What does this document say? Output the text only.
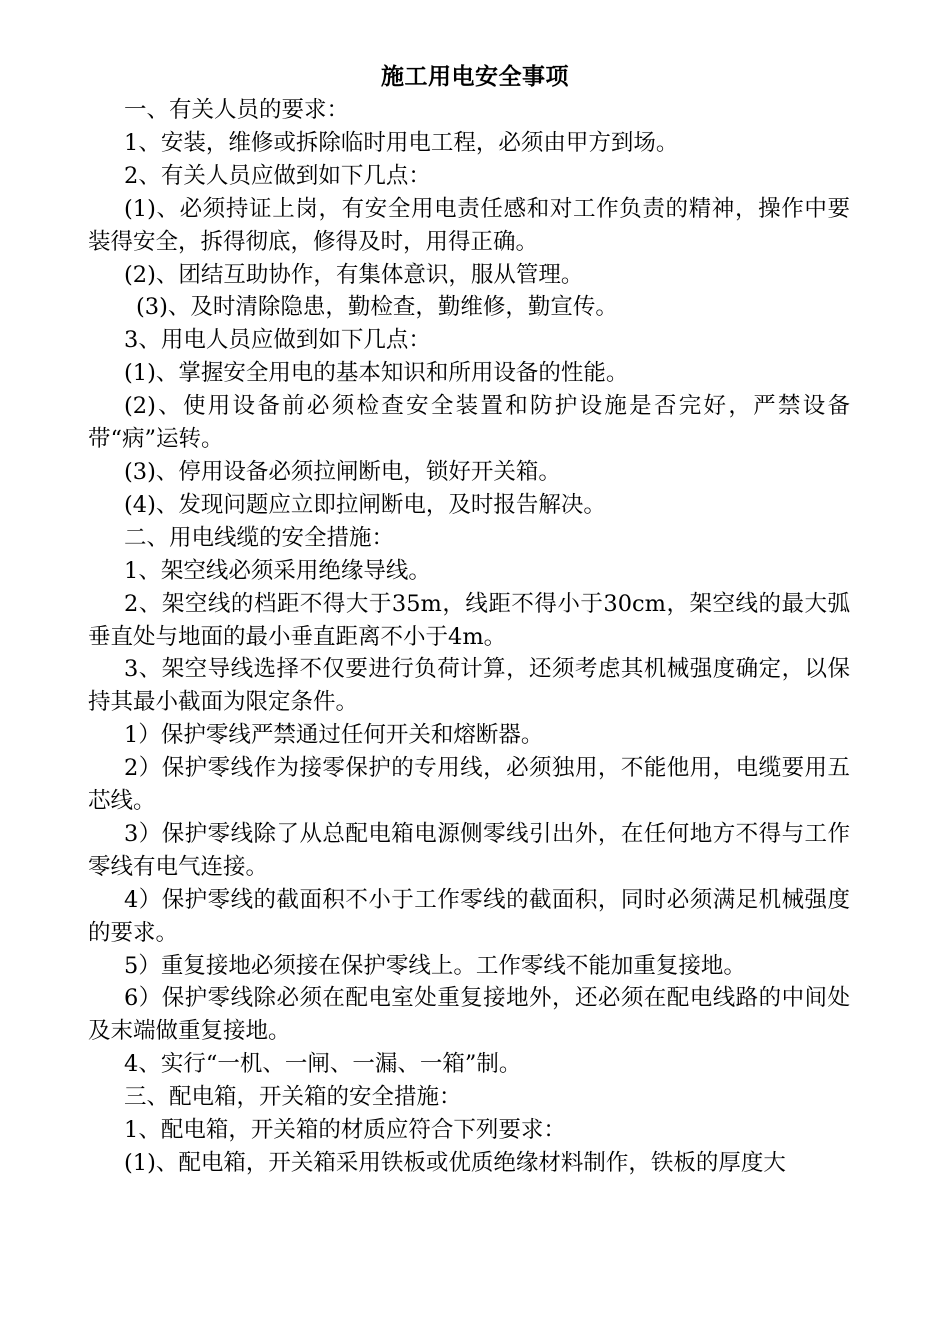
施工用电安全事项

一、有关人员的要求：

1、安装，维修或拆除临时用电工程，必须由甲方到场。

2、有关人员应做到如下几点：

(1)、必须持证上岗，有安全用电责任感和对工作负责的精神，操作中要装得安全，拆得彻底，修得及时，用得正确。

(2)、团结互助协作，有集体意识，服从管理。

(3)、及时清除隐患，勤检查，勤维修，勤宣传。

3、用电人员应做到如下几点：

(1)、掌握安全用电的基本知识和所用设备的性能。

(2)、使用设备前必须检查安全装置和防护设施是否完好，严禁设备带“病”运转。

(3)、停用设备必须拉闸断电，锁好开关箱。

(4)、发现问题应立即拉闸断电，及时报告解决。

二、用电线缆的安全措施：

1、架空线必须采用绝缘导线。

2、架空线的档距不得大于35m，线距不得小于30cm，架空线的最大弧垂直处与地面的最小垂直距离不小于4m。

3、架空导线选择不仅要进行负荷计算，还须考虑其机械强度确定，以保持其最小截面为限定条件。

1）保护零线严禁通过任何开关和熔断器。

2）保护零线作为接零保护的专用线，必须独用，不能他用，电缆要用五芯线。

3）保护零线除了从总配电箱电源侧零线引出外，在任何地方不得与工作零线有电气连接。

4）保护零线的截面积不小于工作零线的截面积，同时必须满足机械强度的要求。

5）重复接地必须接在保护零线上。工作零线不能加重复接地。

6）保护零线除必须在配电室处重复接地外，还必须在配电线路的中间处及末端做重复接地。

4、实行“一机、一闸、一漏、一箱”制。

三、配电箱，开关箱的安全措施：

1、配电箱，开关箱的材质应符合下列要求：

(1)、配电箱，开关箱采用铁板或优质绝缘材料制作，铁板的厚度大
